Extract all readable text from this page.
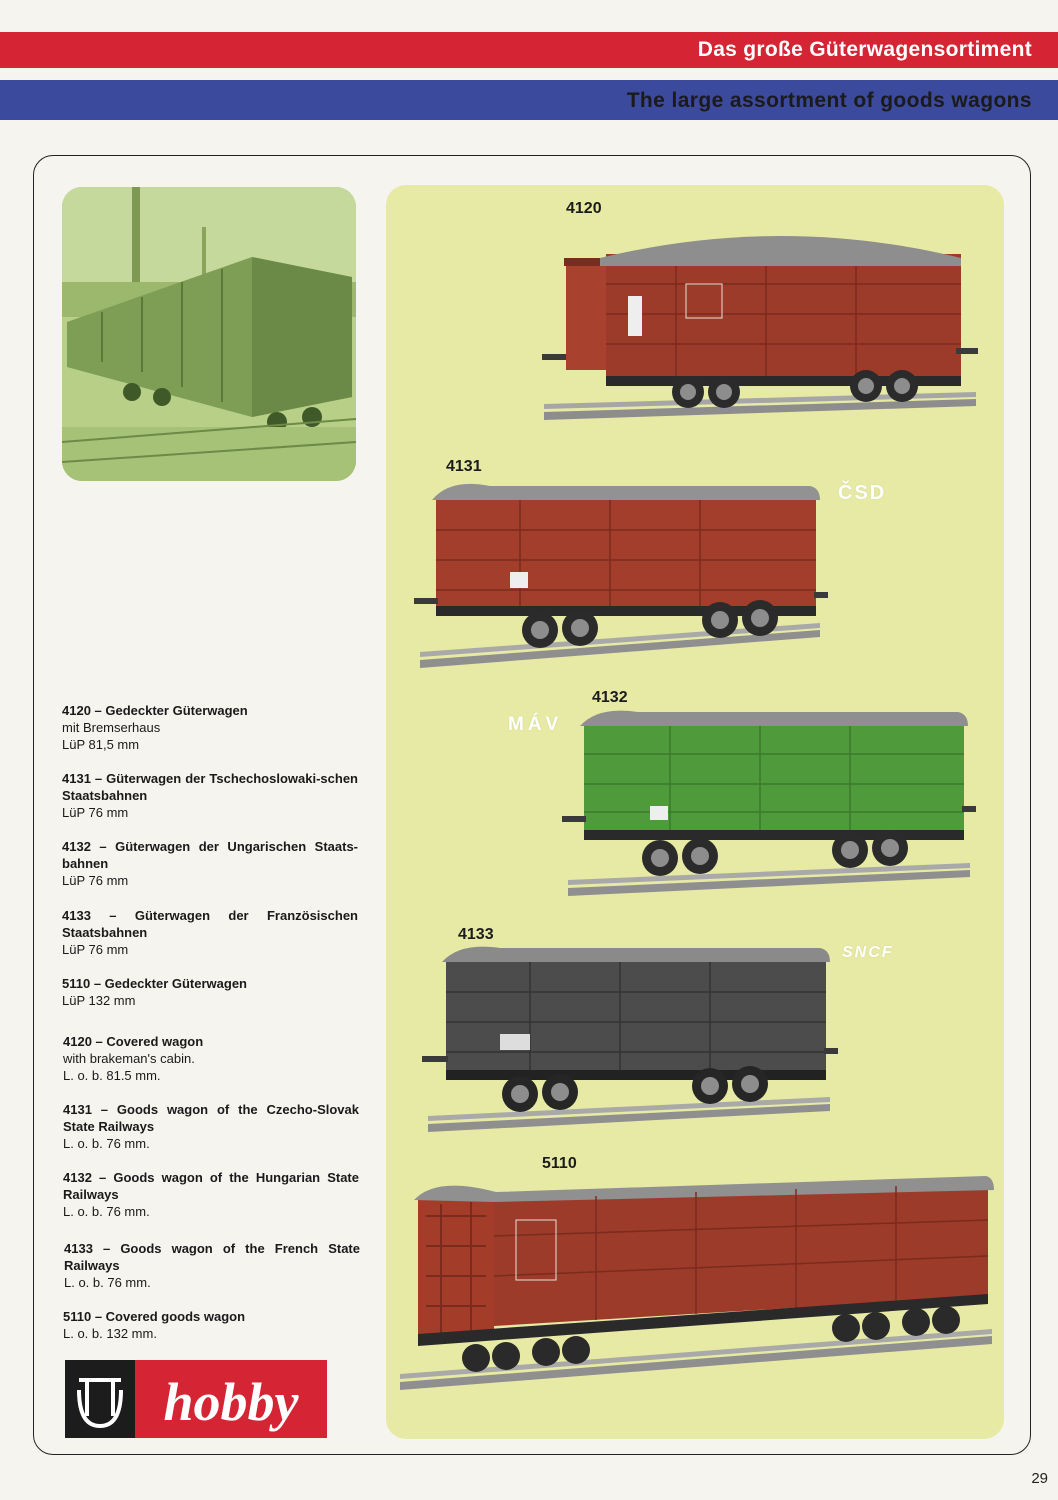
Das große Güterwagensortiment
The large assortment of goods wagons
4120
4131
ČSD
4132
MÁV
4133
SNCF
5110
4120 – Gedeckter Güterwagen
mit Bremserhaus
LüP 81,5 mm
4131 – Güterwagen der Tschechoslowaki-schen Staatsbahnen
LüP 76 mm
4132 – Güterwagen der Ungarischen Staats-bahnen
LüP 76 mm
4133 – Güterwagen der Französischen Staatsbahnen
LüP 76 mm
5110 – Gedeckter Güterwagen
LüP 132 mm
4120 – Covered wagon
with brakeman's cabin.
L. o. b. 81.5 mm.
4131 – Goods wagon of the Czecho-Slovak State Railways
L. o. b. 76 mm.
4132 – Goods wagon of the Hungarian State Railways
L. o. b. 76 mm.
4133 – Goods wagon of the French State Railways
L. o. b. 76 mm.
5110 – Covered goods wagon
L. o. b. 132 mm.
hobby
29
